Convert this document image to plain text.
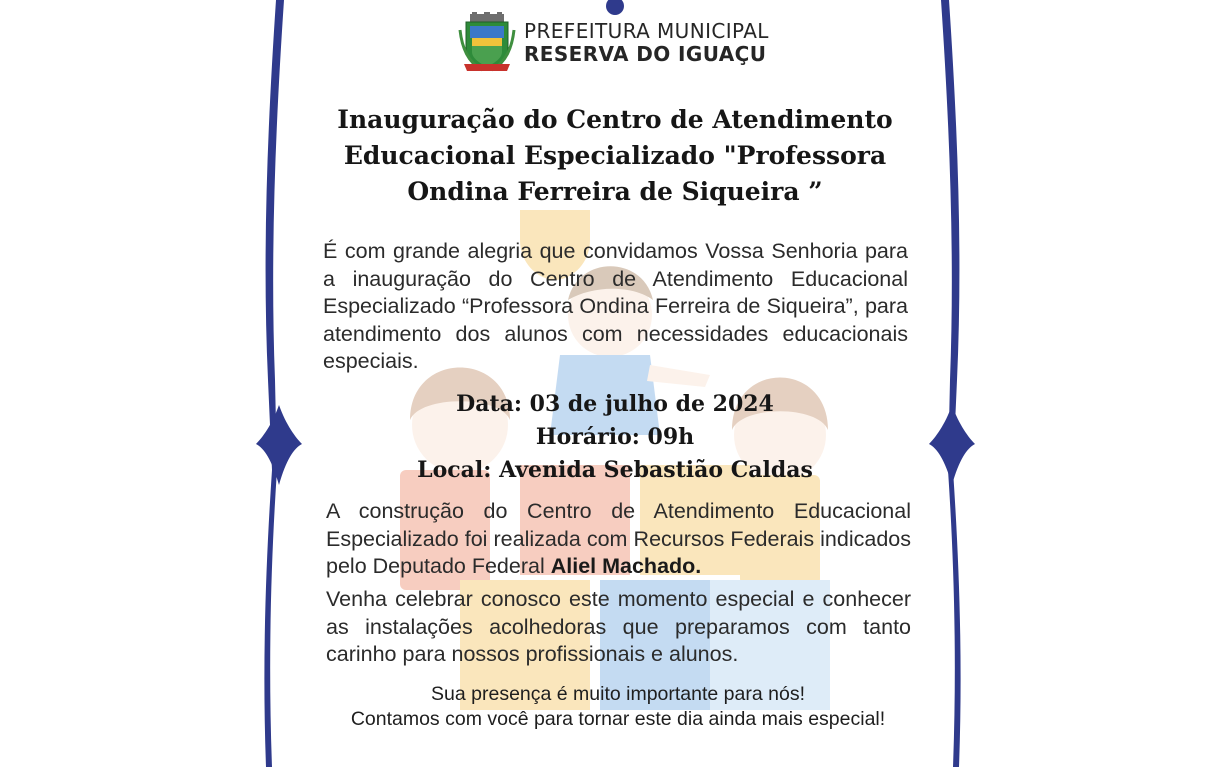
PREFEITURA MUNICIPAL
RESERVA DO IGUAÇU
Inauguração do Centro de Atendimento Educacional Especializado "Professora Ondina Ferreira de Siqueira ”
É com grande alegria que convidamos Vossa Senhoria para a inauguração do Centro de Atendimento Educacional Especializado “Professora Ondina Ferreira de Siqueira”, para atendimento dos alunos com necessidades educacionais especiais.
Data: 03 de julho de 2024
Horário: 09h
Local: Avenida Sebastião Caldas
A construção do Centro de Atendimento Educacional Especializado foi realizada com Recursos Federais indicados pelo Deputado Federal Aliel Machado.
Venha celebrar conosco este momento especial e conhecer as instalações acolhedoras que preparamos com tanto carinho para nossos profissionais e alunos.
Sua presença é muito importante para nós!
Contamos com você para tornar este dia ainda mais especial!
